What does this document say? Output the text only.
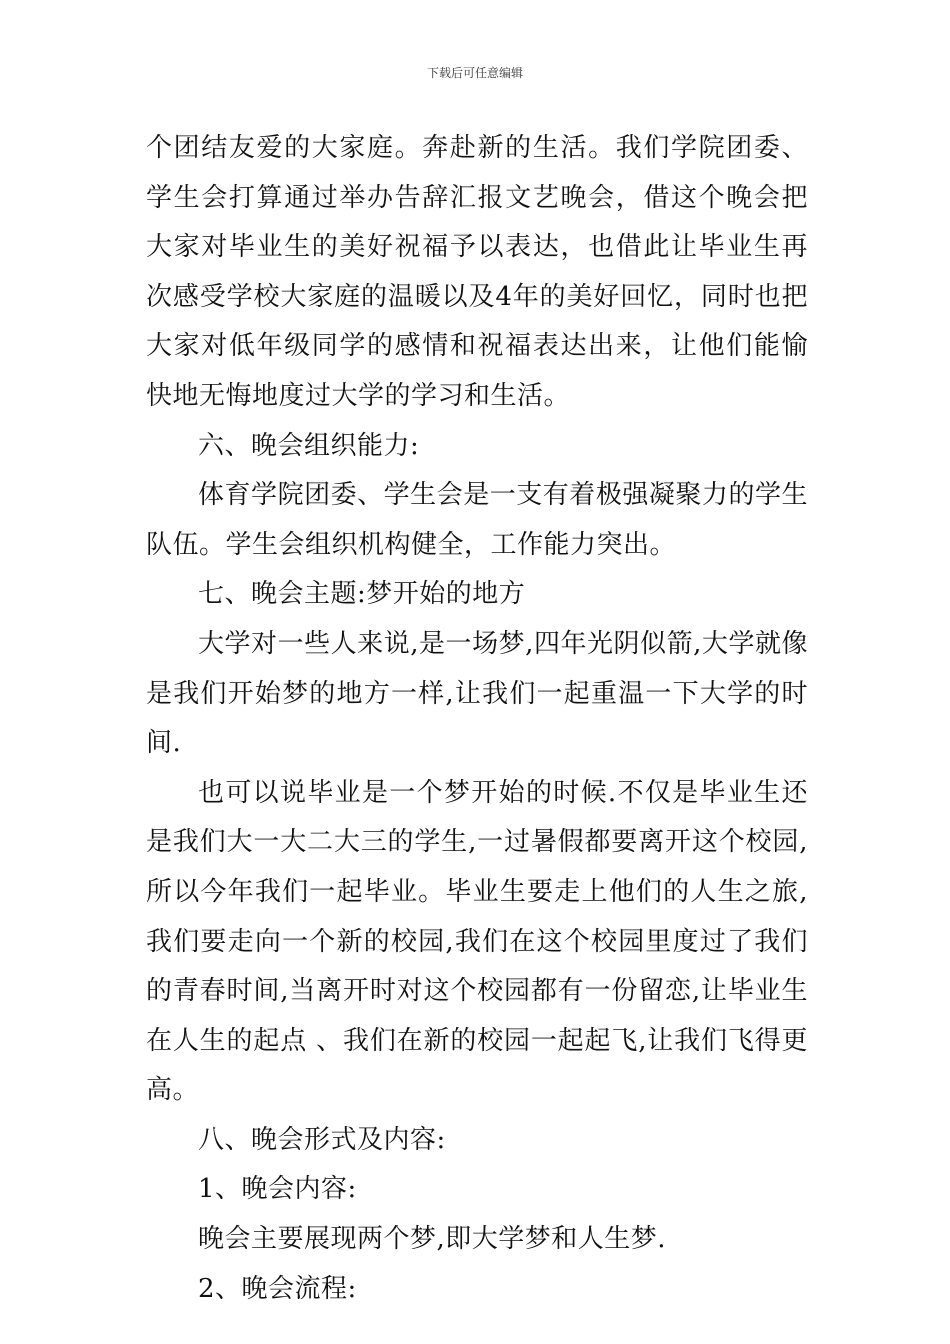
下载后可任意编辑

个团结友爱的大家庭。奔赴新的生活。我们学院团委、学生会打算通过举办告辞汇报文艺晚会，借这个晚会把大家对毕业生的美好祝福予以表达，也借此让毕业生再次感受学校大家庭的温暖以及4年的美好回忆，同时也把大家对低年级同学的感情和祝福表达出来，让他们能愉快地无悔地度过大学的学习和生活。

六、晚会组织能力:

体育学院团委、学生会是一支有着极强凝聚力的学生队伍。学生会组织机构健全，工作能力突出。

七、晚会主题:梦开始的地方

大学对一些人来说,是一场梦,四年光阴似箭,大学就像是我们开始梦的地方一样,让我们一起重温一下大学的时间.

也可以说毕业是一个梦开始的时候.不仅是毕业生还是我们大一大二大三的学生,一过暑假都要离开这个校园,所以今年我们一起毕业。毕业生要走上他们的人生之旅,我们要走向一个新的校园,我们在这个校园里度过了我们的青春时间,当离开时对这个校园都有一份留恋,让毕业生在人生的起点 、我们在新的校园一起起飞,让我们飞得更高。

八、晚会形式及内容:

1、晚会内容:

晚会主要展现两个梦,即大学梦和人生梦.

2、晚会流程:
